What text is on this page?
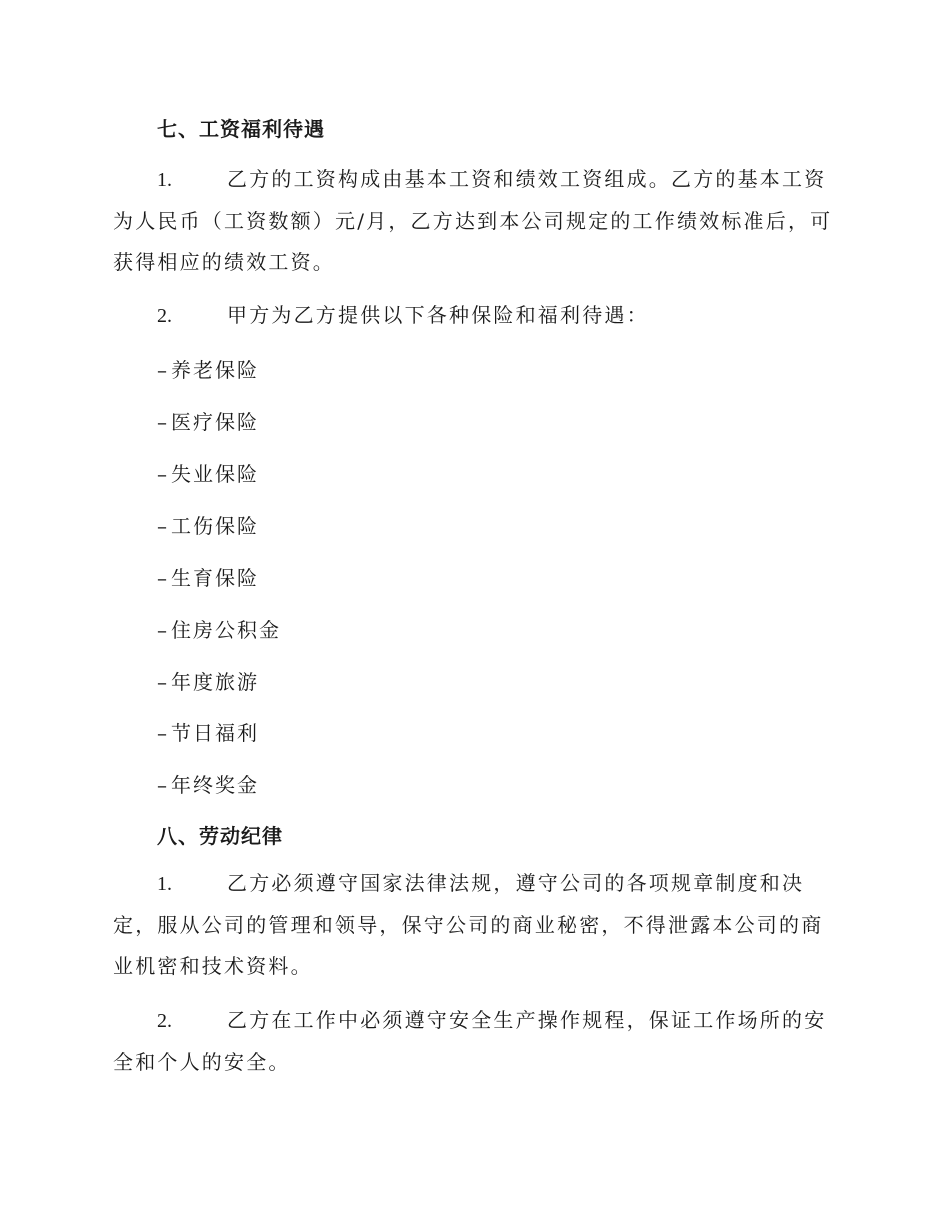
七、工资福利待遇
1.	乙方的工资构成由基本工资和绩效工资组成。乙方的基本工资为人民币（工资数额）元/月，乙方达到本公司规定的工作绩效标准后，可获得相应的绩效工资。
2.	甲方为乙方提供以下各种保险和福利待遇：
– 养老保险
– 医疗保险
– 失业保险
– 工伤保险
– 生育保险
– 住房公积金
– 年度旅游
– 节日福利
– 年终奖金
八、劳动纪律
1.	乙方必须遵守国家法律法规，遵守公司的各项规章制度和决定，服从公司的管理和领导，保守公司的商业秘密，不得泄露本公司的商业机密和技术资料。
2.	乙方在工作中必须遵守安全生产操作规程，保证工作场所的安全和个人的安全。
